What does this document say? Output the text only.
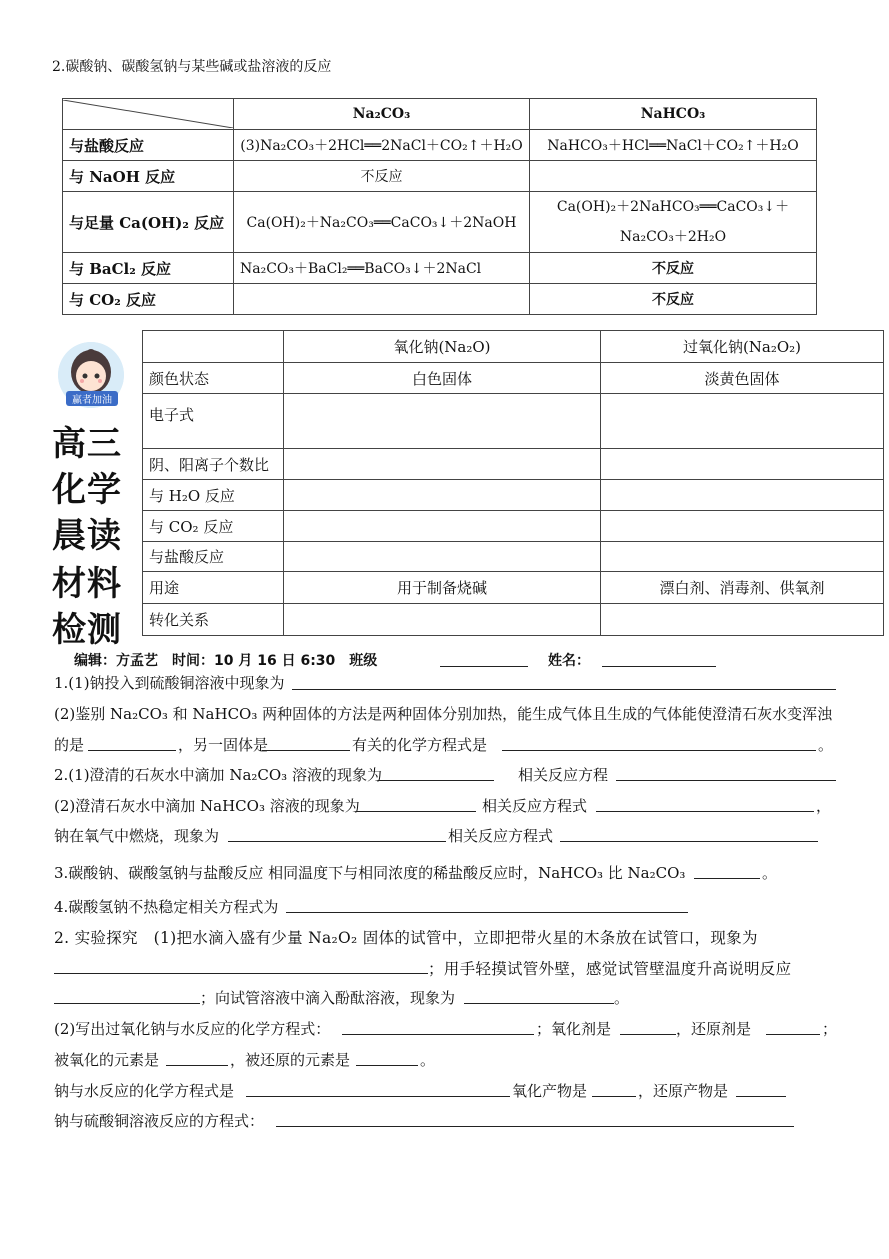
2.碳酸钠、碳酸氢钠与某些碱或盐溶液的反应
	Na₂CO₃	NaHCO₃
与盐酸反应	(3)Na₂CO₃＋2HCl══2NaCl＋CO₂↑＋H₂O	NaHCO₃＋HCl══NaCl＋CO₂↑＋H₂O
与 NaOH 反应	不反应	
与足量 Ca(OH)₂ 反应	Ca(OH)₂＋Na₂CO₃══CaCO₃↓＋2NaOH	Ca(OH)₂＋2NaHCO₃══CaCO₃↓＋
Na₂CO₃＋2H₂O

与 BaCl₂ 反应	Na₂CO₃＋BaCl₂══BaCO₃↓＋2NaCl	不反应
与 CO₂ 反应		不反应
赢者加油
高三
化学
晨读
材料
检测
	氧化钠(Na₂O)	过氧化钠(Na₂O₂)
颜色状态	白色固体	淡黄色固体
电子式		
阴、阳离子个数比		
与 H₂O 反应		
与 CO₂ 反应		
与盐酸反应		
用途	用于制备烧碱	漂白剂、消毒剂、供氧剂
转化关系		
编辑：方孟艺　时间：10 月 16 日 6:30　班级	姓名：
1.(1)钠投入到硫酸铜溶液中现象为
(2)鉴别 Na₂CO₃ 和 NaHCO₃ 两种固体的方法是两种固体分别加热，能生成气体且生成的气体能使澄清石灰水变浑浊
的是	，另一固体是	有关的化学方程式是	。
2.(1)澄清的石灰水中滴加 Na₂CO₃ 溶液的现象为	相关反应方程
(2)澄清石灰水中滴加 NaHCO₃ 溶液的现象为	相关反应方程式	，
钠在氧气中燃烧，现象为	相关反应方程式
3.碳酸钠、碳酸氢钠与盐酸反应 相同温度下与相同浓度的稀盐酸反应时，NaHCO₃ 比 Na₂CO₃	。
4.碳酸氢钠不热稳定相关方程式为
2. 实验探究　(1)把水滴入盛有少量 Na₂O₂ 固体的试管中，立即把带火星的木条放在试管口，现象为
；用手轻摸试管外壁，感觉试管壁温度升高说明反应
；向试管溶液中滴入酚酞溶液，现象为	。
(2)写出过氧化钠与水反应的化学方程式：	；氧化剂是	，还原剂是	；
被氧化的元素是	，被还原的元素是	。
钠与水反应的化学方程式是	氧化产物是	，还原产物是
钠与硫酸铜溶液反应的方程式：
